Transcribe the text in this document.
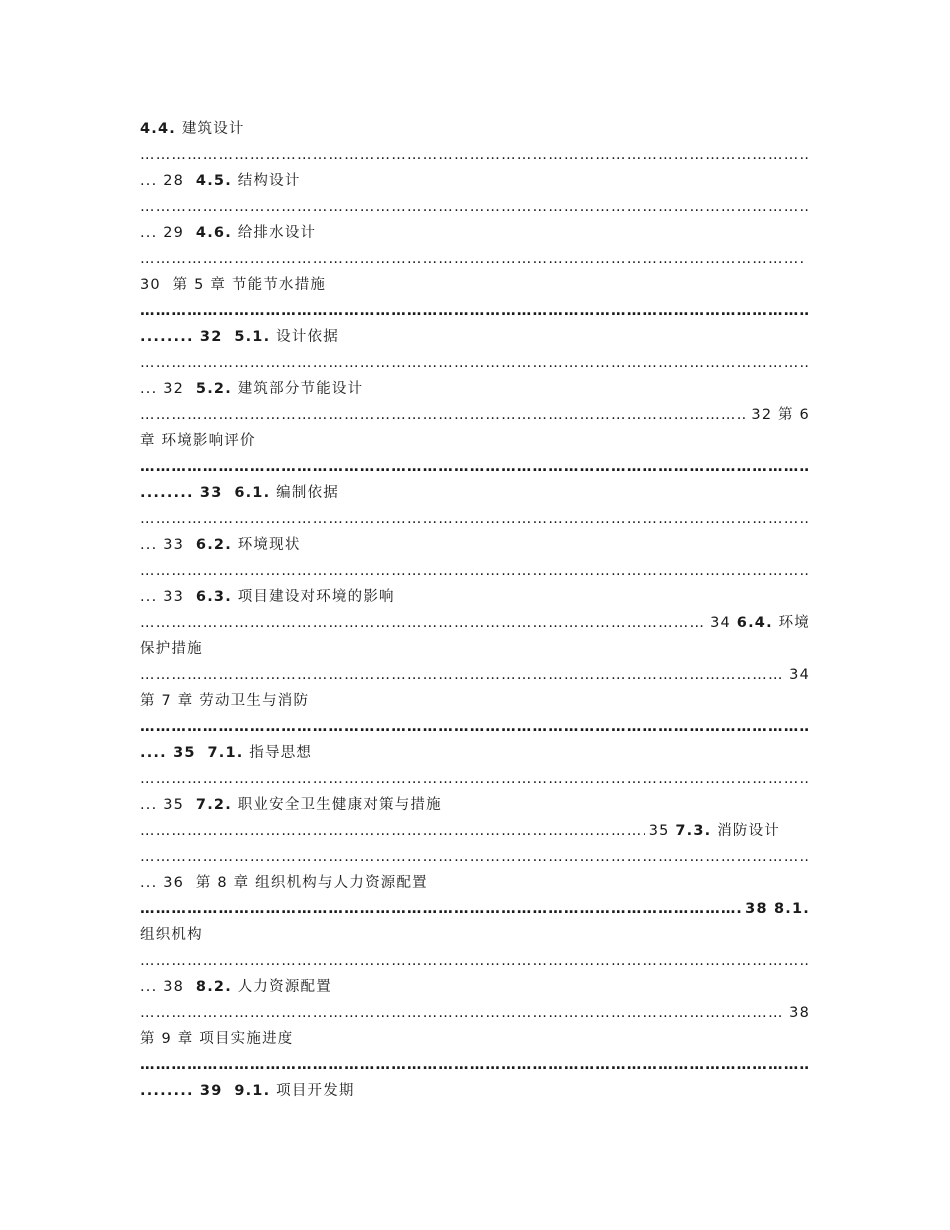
4.4. 建筑设计
…………………………………………………………………………………………………………………………………………………………………………………………………………
... 28 4.5. 结构设计
…………………………………………………………………………………………………………………………………………………………………………………………………………
... 29 4.6. 给排水设计
…………………………………………………………………………………………………………………………………………………………………………………………………………
30 第 5 章 节能节水措施
…………………………………………………………………………………………………………………………………………………………………………………………………………
........ 32 5.1. 设计依据
…………………………………………………………………………………………………………………………………………………………………………………………………………
... 32 5.2. 建筑部分节能设计
…………………………………………………………………………………………………………………………………………………………………………………………………………
32 第 6
章 环境影响评价
…………………………………………………………………………………………………………………………………………………………………………………………………………
........ 33 6.1. 编制依据
…………………………………………………………………………………………………………………………………………………………………………………………………………
... 33 6.2. 环境现状
…………………………………………………………………………………………………………………………………………………………………………………………………………
... 33 6.3. 项目建设对环境的影响
…………………………………………………………………………………………………………………………………………………………………………………………………………
34 6.4. 环境
保护措施
…………………………………………………………………………………………………………………………………………………………………………………………………………
34
第 7 章 劳动卫生与消防
…………………………………………………………………………………………………………………………………………………………………………………………………………
.... 35 7.1. 指导思想
…………………………………………………………………………………………………………………………………………………………………………………………………………
... 35 7.2. 职业安全卫生健康对策与措施
…………………………………………………………………………………………………………………………………………………………………………………………………………
35 7.3. 消防设计
…………………………………………………………………………………………………………………………………………………………………………………………………………
... 36 第 8 章 组织机构与人力资源配置
…………………………………………………………………………………………………………………………………………………………………………………………………………
38 8.1.
组织机构
…………………………………………………………………………………………………………………………………………………………………………………………………………
... 38 8.2. 人力资源配置
…………………………………………………………………………………………………………………………………………………………………………………………………………
38
第 9 章 项目实施进度
…………………………………………………………………………………………………………………………………………………………………………………………………………
........ 39 9.1. 项目开发期
